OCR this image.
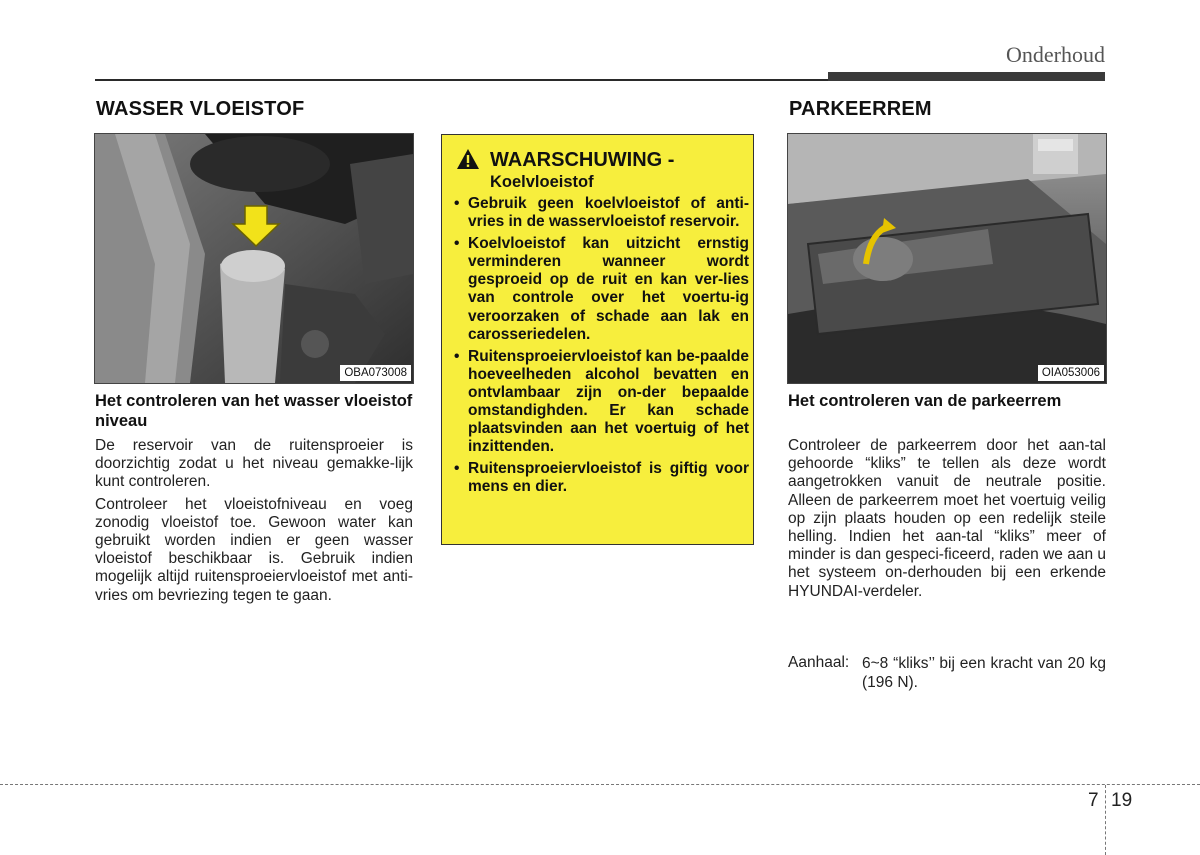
Onderhoud
WASSER VLOEISTOF
OBA073008
Het controleren van het wasser vloeistof niveau

De reservoir van de ruitensproeier is doorzichtig zodat u het niveau gemakke-lijk kunt controleren.

Controleer het vloeistofniveau en voeg zonodig vloeistof toe. Gewoon water kan gebruikt worden indien er geen wasser vloeistof beschikbaar is. Gebruik indien mogelijk altijd ruitensproeiervloeistof met anti-vries om bevriezing tegen te gaan.

WAARSCHUWING -
Koelvloeistof
• Gebruik geen koelvloeistof of anti-vries in de wasservloeistof reservoir.
• Koelvloeistof kan uitzicht ernstig verminderen wanneer wordt gesproeid op de ruit en kan ver-lies van controle over het voertu-ig veroorzaken of schade aan lak en carosseriedelen.
• Ruitensproeiervloeistof kan be-paalde hoeveelheden alcohol bevatten en ontvlambaar zijn on-der bepaalde omstandighden. Er kan schade plaatsvinden aan het voertuig of het inzittenden.
• Ruitensproeiervloeistof is giftig voor mens en dier.
PARKEERREM
OIA053006
Het controleren van de parkeerrem

Controleer de parkeerrem door het aan-tal gehoorde “kliks” te tellen als deze wordt aangetrokken vanuit de neutrale positie. Alleen de parkeerrem moet het voertuig veilig op zijn plaats houden op een redelijk steile helling. Indien het aan-tal “kliks” meer of minder is dan gespeci-ficeerd, raden we aan u het systeem on-derhouden bij een erkende HYUNDAI-verdeler.

Aanhaal: 6~8 “kliks’’ bij een kracht van 20 kg (196 N).
7 19
